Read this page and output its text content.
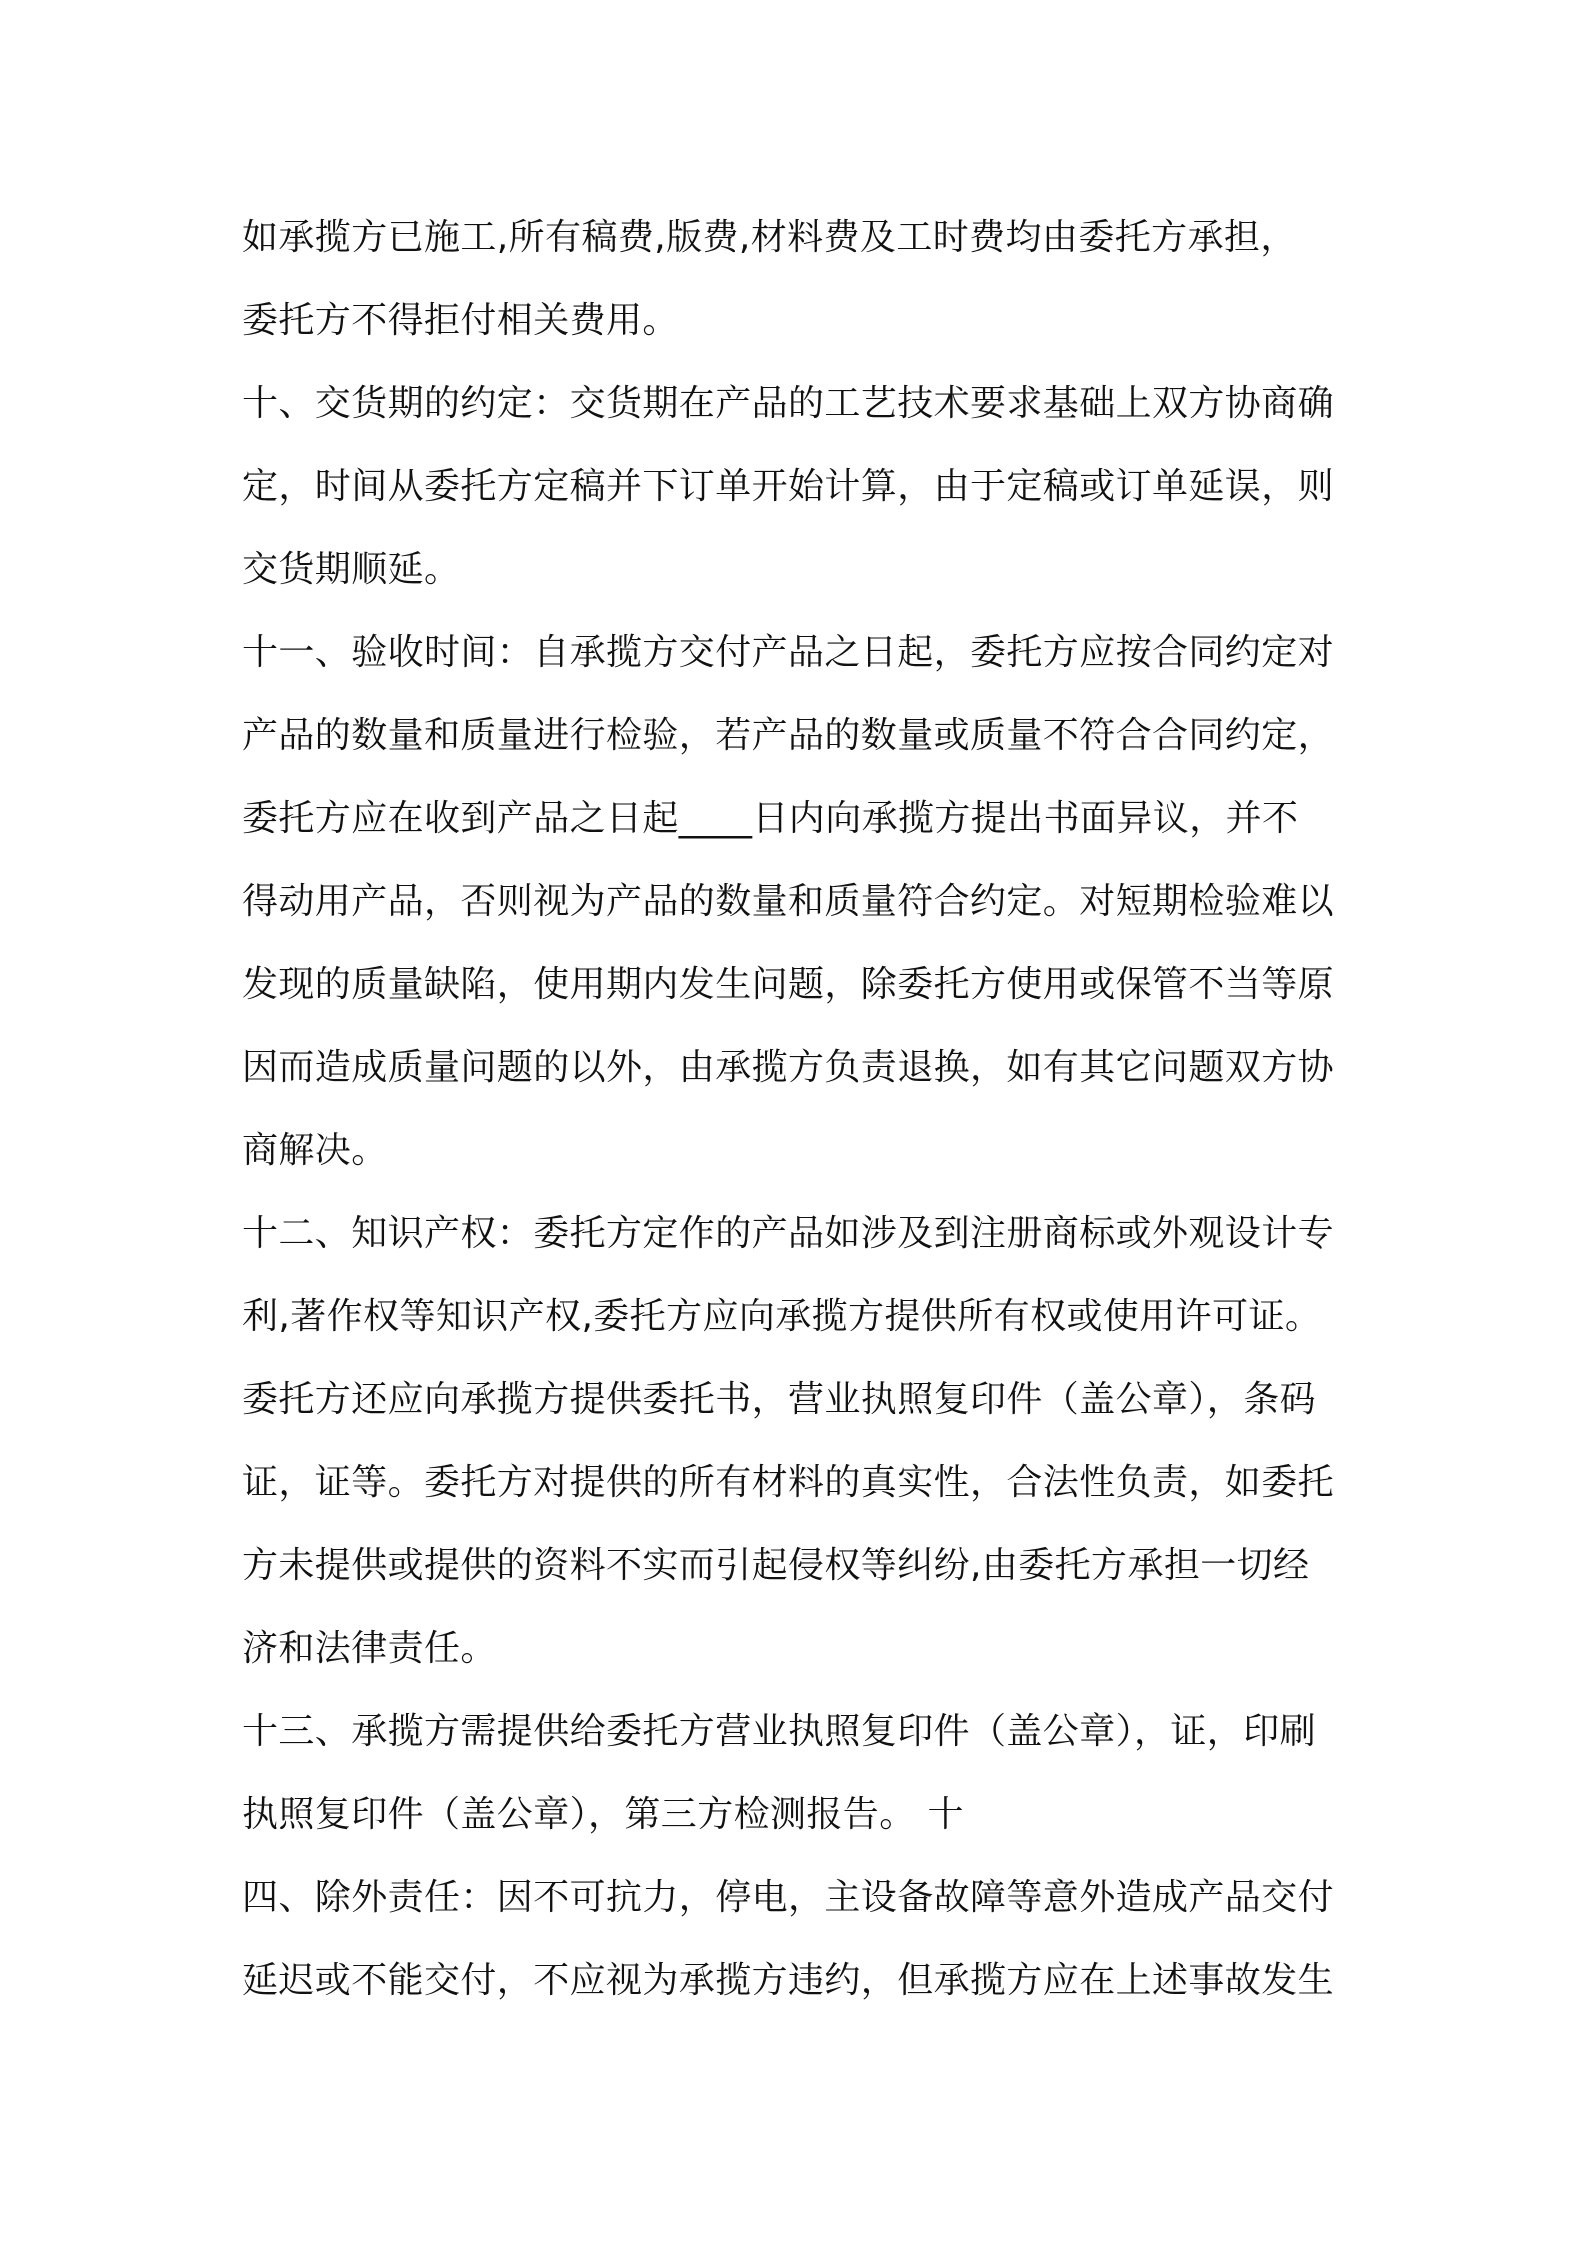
如承揽方已施工,所有稿费,版费,材料费及工时费均由委托方承担，
委托方不得拒付相关费用。
十、交货期的约定：交货期在产品的工艺技术要求基础上双方协商确
定，时间从委托方定稿并下订单开始计算，由于定稿或订单延误，则
交货期顺延。
十一、验收时间：自承揽方交付产品之日起，委托方应按合同约定对
产品的数量和质量进行检验，若产品的数量或质量不符合合同约定，
委托方应在收到产品之日起____日内向承揽方提出书面异议，并不
得动用产品，否则视为产品的数量和质量符合约定。对短期检验难以
发现的质量缺陷，使用期内发生问题，除委托方使用或保管不当等原
因而造成质量问题的以外，由承揽方负责退换，如有其它问题双方协
商解决。
十二、知识产权：委托方定作的产品如涉及到注册商标或外观设计专
利,著作权等知识产权,委托方应向承揽方提供所有权或使用许可证。
委托方还应向承揽方提供委托书，营业执照复印件（盖公章），条码
证，证等。委托方对提供的所有材料的真实性，合法性负责，如委托
方未提供或提供的资料不实而引起侵权等纠纷,由委托方承担一切经
济和法律责任。
十三、承揽方需提供给委托方营业执照复印件（盖公章），证，印刷
执照复印件（盖公章），第三方检测报告。 十
四、除外责任：因不可抗力，停电，主设备故障等意外造成产品交付
延迟或不能交付，不应视为承揽方违约，但承揽方应在上述事故发生
